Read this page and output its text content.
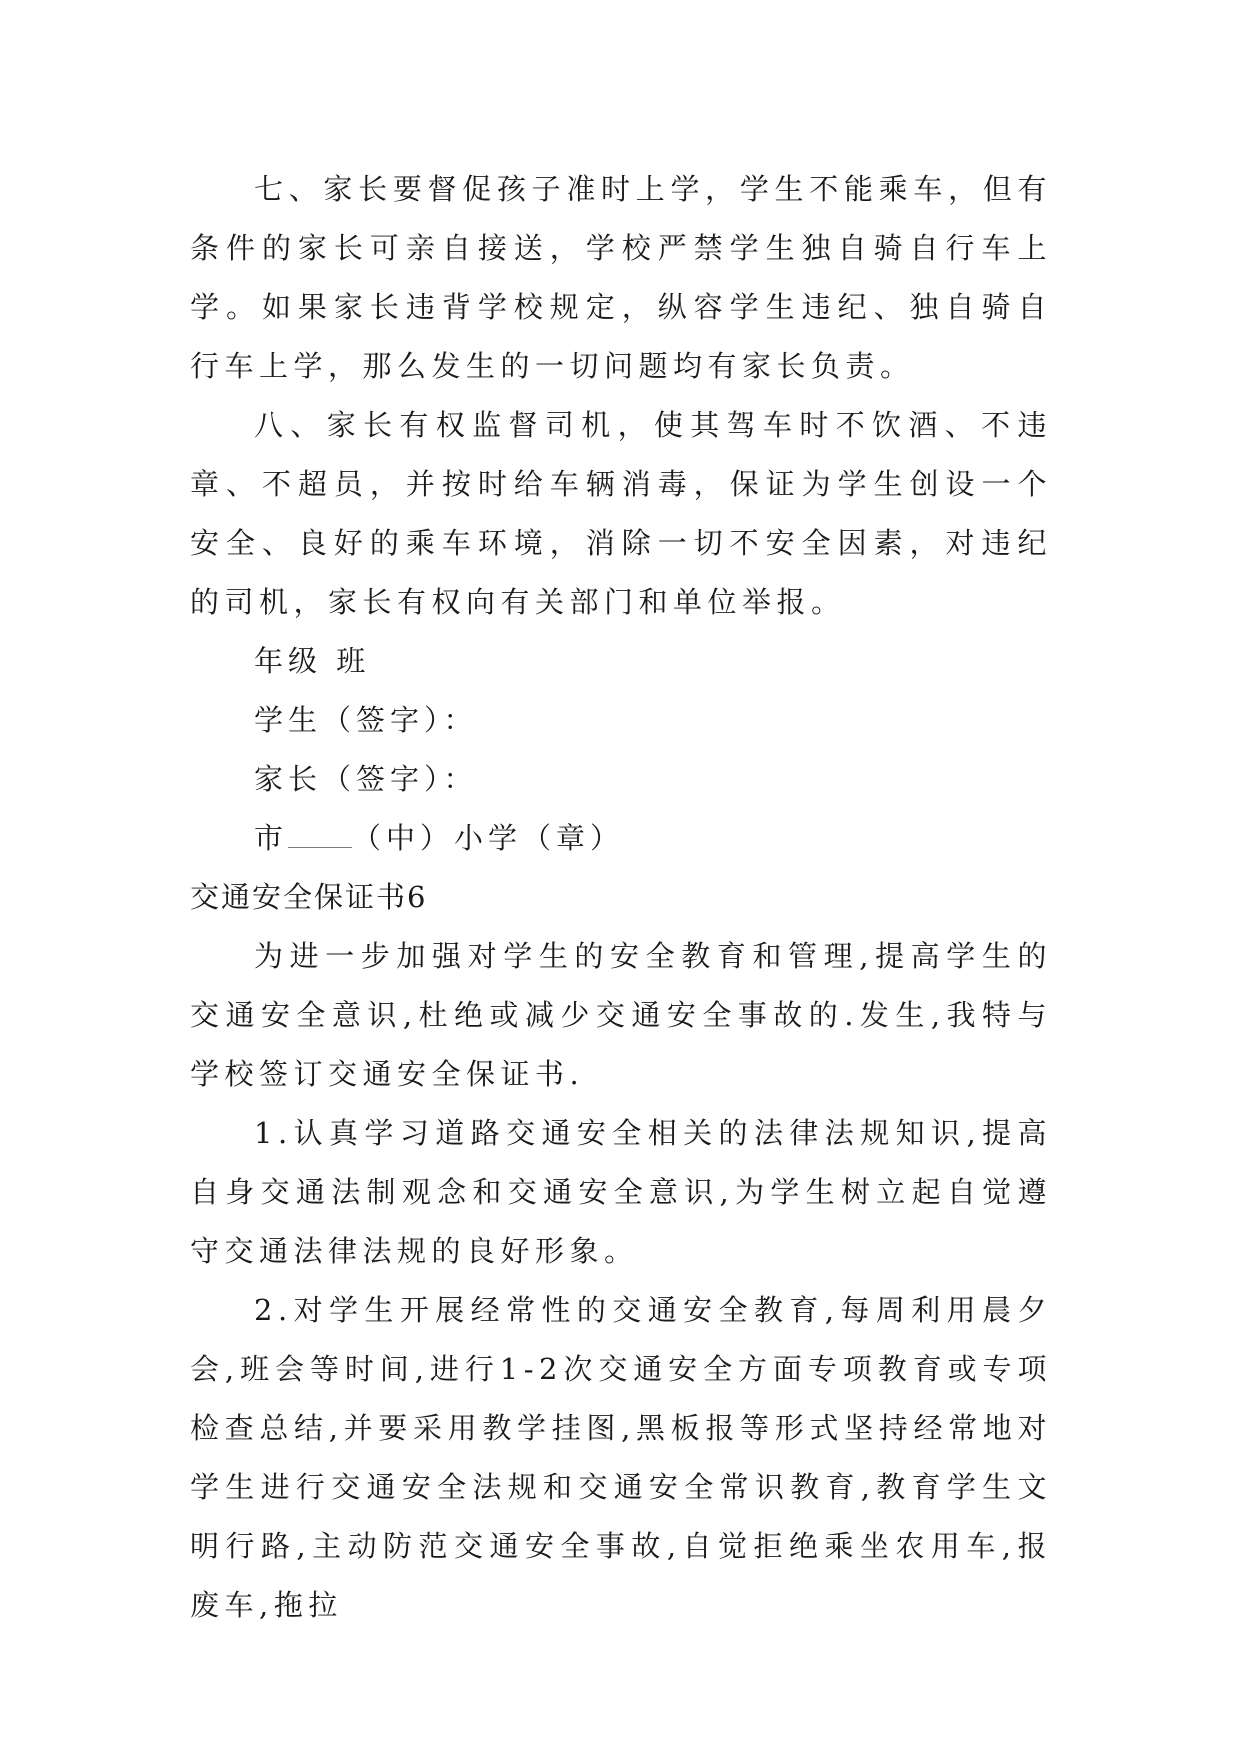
七、家长要督促孩子准时上学，学生不能乘车，但有条件的家长可亲自接送，学校严禁学生独自骑自行车上学。如果家长违背学校规定，纵容学生违纪、独自骑自行车上学，那么发生的一切问题均有家长负责。

八、家长有权监督司机，使其驾车时不饮酒、不违章、不超员，并按时给车辆消毒，保证为学生创设一个安全、良好的乘车环境，消除一切不安全因素，对违纪的司机，家长有权向有关部门和单位举报。

年级 班

学生（签字）：

家长（签字）：

市 （中）小学（章）

交通安全保证书6

为进一步加强对学生的安全教育和管理,提高学生的交通安全意识,杜绝或减少交通安全事故的.发生,我特与学校签订交通安全保证书.

1.认真学习道路交通安全相关的法律法规知识,提高自身交通法制观念和交通安全意识,为学生树立起自觉遵守交通法律法规的良好形象。

2.对学生开展经常性的交通安全教育,每周利用晨夕会,班会等时间,进行1-2次交通安全方面专项教育或专项检查总结,并要采用教学挂图,黑板报等形式坚持经常地对学生进行交通安全法规和交通安全常识教育,教育学生文明行路,主动防范交通安全事故,自觉拒绝乘坐农用车,报废车,拖拉
